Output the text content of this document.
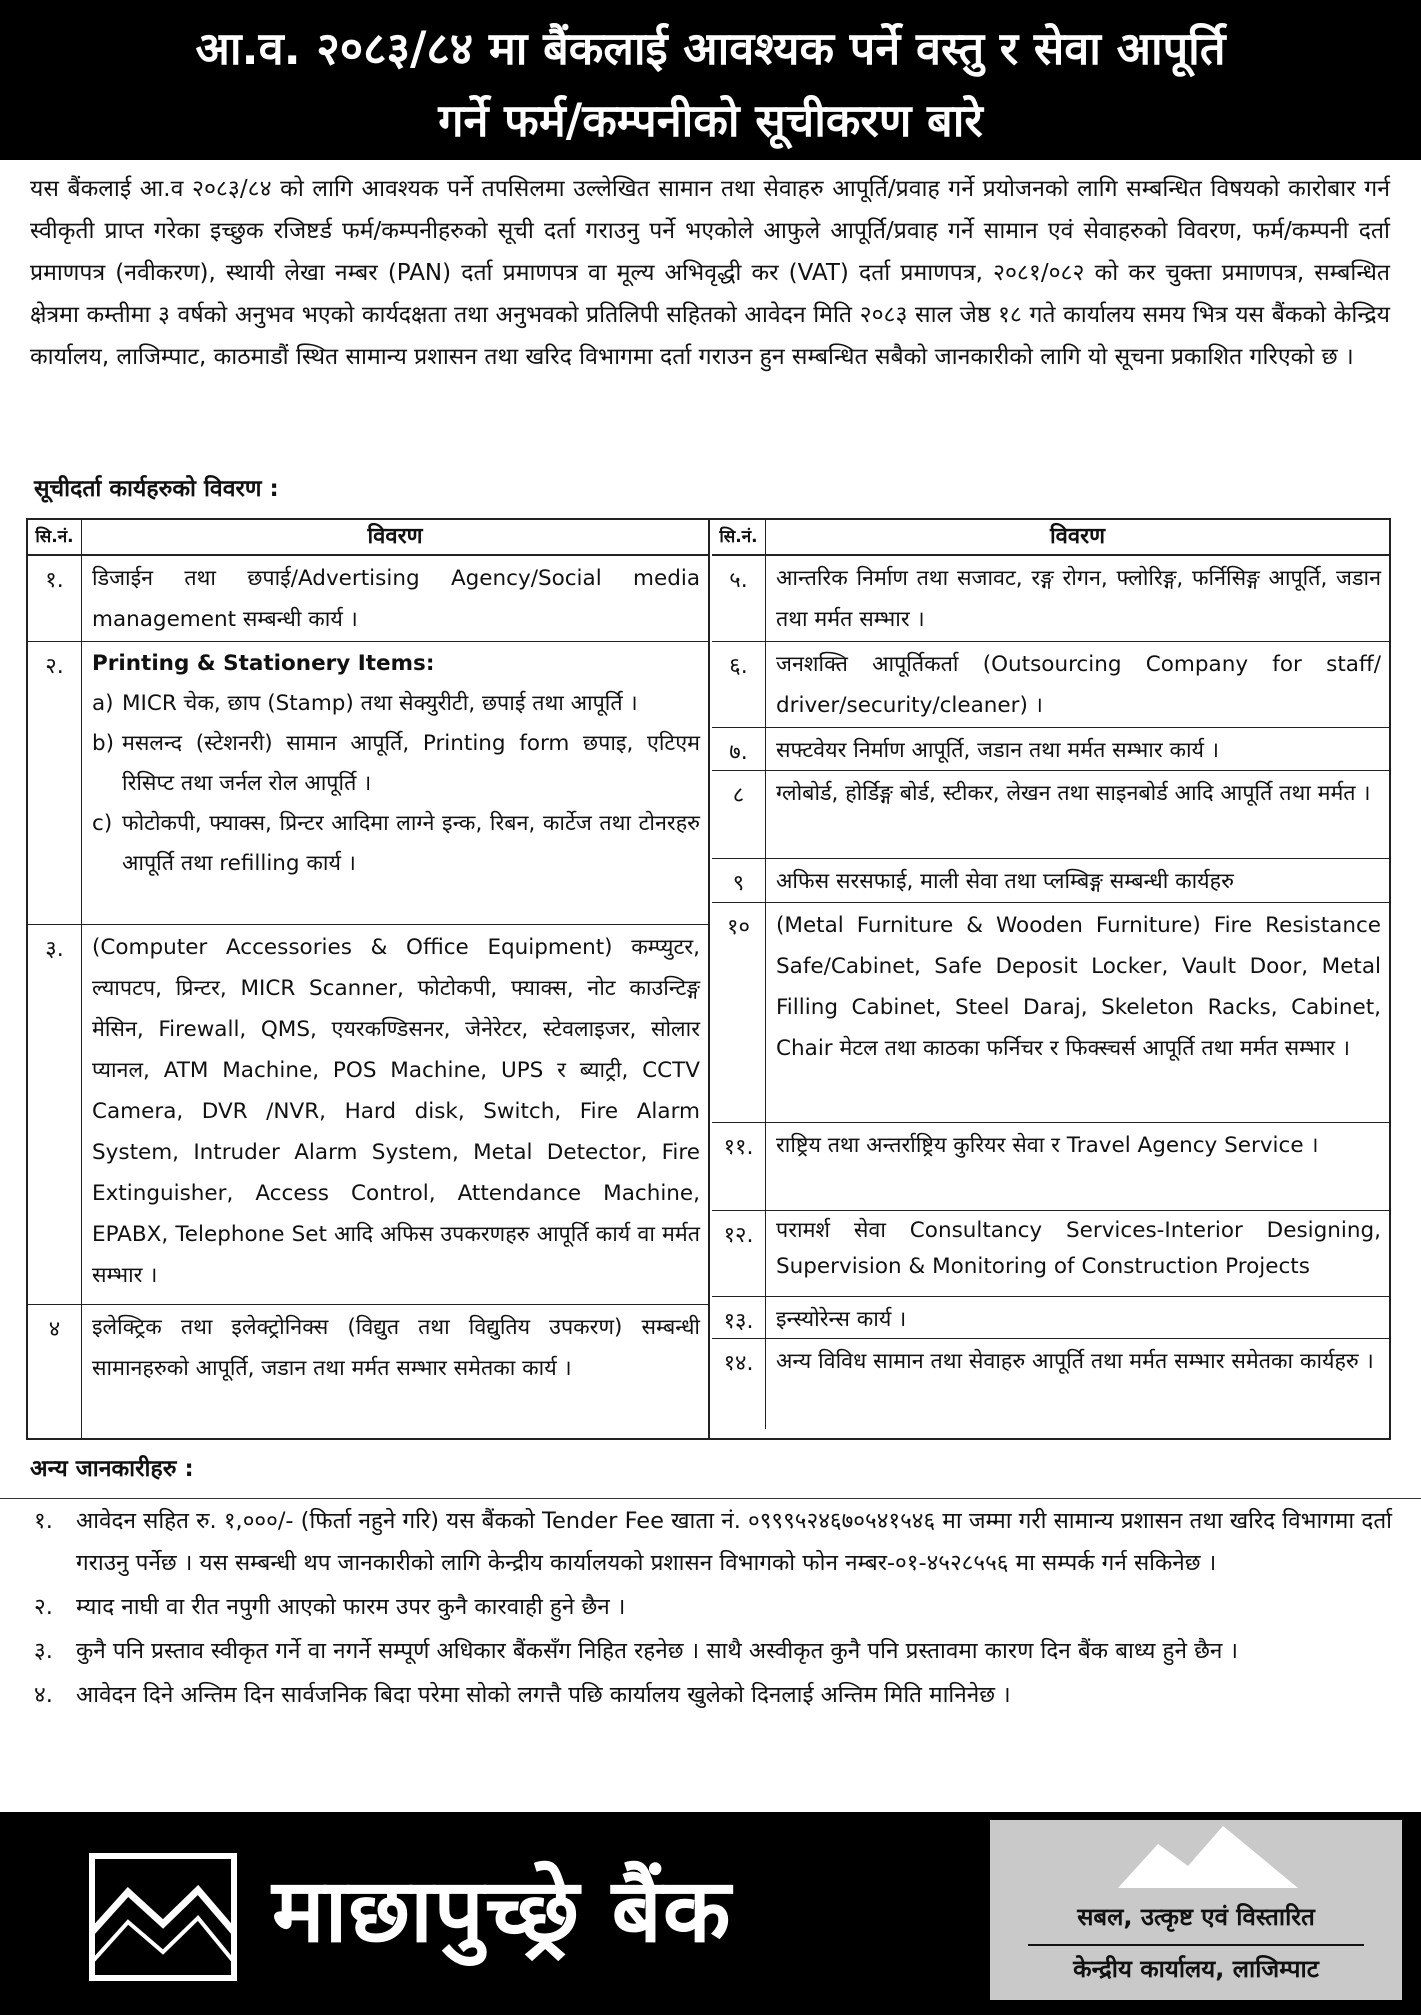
आ.व. २०८३/८४ मा बैंकलाई आवश्यक पर्ने वस्तु र सेवा आपूर्ति
गर्ने फर्म/कम्पनीको सूचीकरण बारे
यस बैंकलाई आ.व २०८३/८४ को लागि आवश्यक पर्ने तपसिलमा उल्लेखित सामान तथा सेवाहरु आपूर्ति/प्रवाह गर्ने प्रयोजनको लागि सम्बन्धित विषयको कारोबार गर्न स्वीकृती प्राप्त गरेका इच्छुक रजिष्टर्ड फर्म/कम्पनीहरुको सूची दर्ता गराउनु पर्ने भएकोले आफुले आपूर्ति/प्रवाह गर्ने सामान एवं सेवाहरुको विवरण, फर्म/कम्पनी दर्ता प्रमाणपत्र (नवीकरण), स्थायी लेखा नम्बर (PAN) दर्ता प्रमाणपत्र वा मूल्य अभिवृद्धी कर (VAT) दर्ता प्रमाणपत्र, २०८१/०८२ को कर चुक्ता प्रमाणपत्र, सम्बन्धित क्षेत्रमा कम्तीमा ३ वर्षको अनुभव भएको कार्यदक्षता तथा अनुभवको प्रतिलिपी सहितको आवेदन मिति २०८३ साल जेष्ठ १८ गते कार्यालय समय भित्र यस बैंकको केन्द्रिय कार्यालय, लाजिम्पाट, काठमाडौं स्थित सामान्य प्रशासन तथा खरिद विभागमा दर्ता गराउन हुन सम्बन्धित सबैको जानकारीको लागि यो सूचना प्रकाशित गरिएको छ ।
सूचीदर्ता कार्यहरुको विवरण :
सि.नं.	विवरण
१.	डिजाईन तथा छपाई/Advertising Agency/Social media management सम्बन्धी कार्य ।
२.	Printing & Stationery Items:
a) MICR चेक, छाप (Stamp) तथा सेक्युरीटी, छपाई तथा आपूर्ति ।
b) मसलन्द (स्टेशनरी) सामान आपूर्ति, Printing form छपाइ, एटिएम रिसिप्ट तथा जर्नल रोल आपूर्ति ।
c) फोटोकपी, फ्याक्स, प्रिन्टर आदिमा लाग्ने इन्क, रिबन, कार्टेज तथा टोनरहरु आपूर्ति तथा refilling कार्य ।
३.	(Computer Accessories & Office Equipment) कम्प्युटर, ल्यापटप, प्रिन्टर, MICR Scanner, फोटोकपी, फ्याक्स, नोट काउन्टिङ्ग मेसिन, Firewall, QMS, एयरकण्डिसनर, जेनेरेटर, स्टेवलाइजर, सोलार प्यानल, ATM Machine, POS Machine, UPS र ब्याट्री, CCTV Camera, DVR /NVR, Hard disk, Switch, Fire Alarm System, Intruder Alarm System, Metal Detector, Fire Extinguisher, Access Control, Attendance Machine, EPABX, Telephone Set आदि अफिस उपकरणहरु आपूर्ति कार्य वा मर्मत सम्भार ।
४	इलेक्ट्रिक तथा इलेक्ट्रोनिक्स (विद्युत तथा विद्युतिय उपकरण) सम्बन्धी सामानहरुको आपूर्ति, जडान तथा मर्मत सम्भार समेतका कार्य ।
सि.नं.	विवरण
५.	आन्तरिक निर्माण तथा सजावट, रङ्ग रोगन, फ्लोरिङ्ग, फर्निसिङ्ग आपूर्ति, जडान तथा मर्मत सम्भार ।
६.	जनशक्ति आपूर्तिकर्ता (Outsourcing Company for staff/ driver/security/cleaner) ।
७.	सफ्टवेयर निर्माण आपूर्ति, जडान तथा मर्मत सम्भार कार्य ।
८	ग्लोबोर्ड, होर्डिङ्ग बोर्ड, स्टीकर, लेखन तथा साइनबोर्ड आदि आपूर्ति तथा मर्मत ।
९	अफिस सरसफाई, माली सेवा तथा प्लम्बिङ्ग सम्बन्धी कार्यहरु
१०	(Metal Furniture & Wooden Furniture) Fire Resistance Safe/Cabinet, Safe Deposit Locker, Vault Door, Metal Filling Cabinet, Steel Daraj, Skeleton Racks, Cabinet, Chair मेटल तथा काठका फर्निचर र फिक्स्चर्स आपूर्ति तथा मर्मत सम्भार ।
११.	राष्ट्रिय तथा अन्तर्राष्ट्रिय कुरियर सेवा र Travel Agency Service ।
१२.	परामर्श सेवा Consultancy Services-Interior Designing, Supervision & Monitoring of Construction Projects
१३.	इन्स्योरेन्स कार्य ।
१४.	अन्य विविध सामान तथा सेवाहरु आपूर्ति तथा मर्मत सम्भार समेतका कार्यहरु ।
अन्य जानकारीहरु :
१.	आवेदन सहित रु. १,०००/- (फिर्ता नहुने गरि) यस बैंकको Tender Fee खाता नं. ०९९९५२४६७०५४१५४६ मा जम्मा गरी सामान्य प्रशासन तथा खरिद विभागमा दर्ता गराउनु पर्नेछ । यस सम्बन्धी थप जानकारीको लागि केन्द्रीय कार्यालयको प्रशासन विभागको फोन नम्बर-०१-४५२८५५६ मा सम्पर्क गर्न सकिनेछ ।
२.	म्याद नाघी वा रीत नपुगी आएको फारम उपर कुनै कारवाही हुने छैन ।
३.	कुनै पनि प्रस्ताव स्वीकृत गर्ने वा नगर्ने सम्पूर्ण अधिकार बैंकसँग निहित रहनेछ । साथै अस्वीकृत कुनै पनि प्रस्तावमा कारण दिन बैंक बाध्य हुने छैन ।
४.	आवेदन दिने अन्तिम दिन सार्वजनिक बिदा परेमा सोको लगत्तै पछि कार्यालय खुलेको दिनलाई अन्तिम मिति मानिनेछ ।
माछापुच्छ्रे बैंक	सबल, उत्कृष्ट एवं विस्तारित
केन्द्रीय कार्यालय, लाजिम्पाट
